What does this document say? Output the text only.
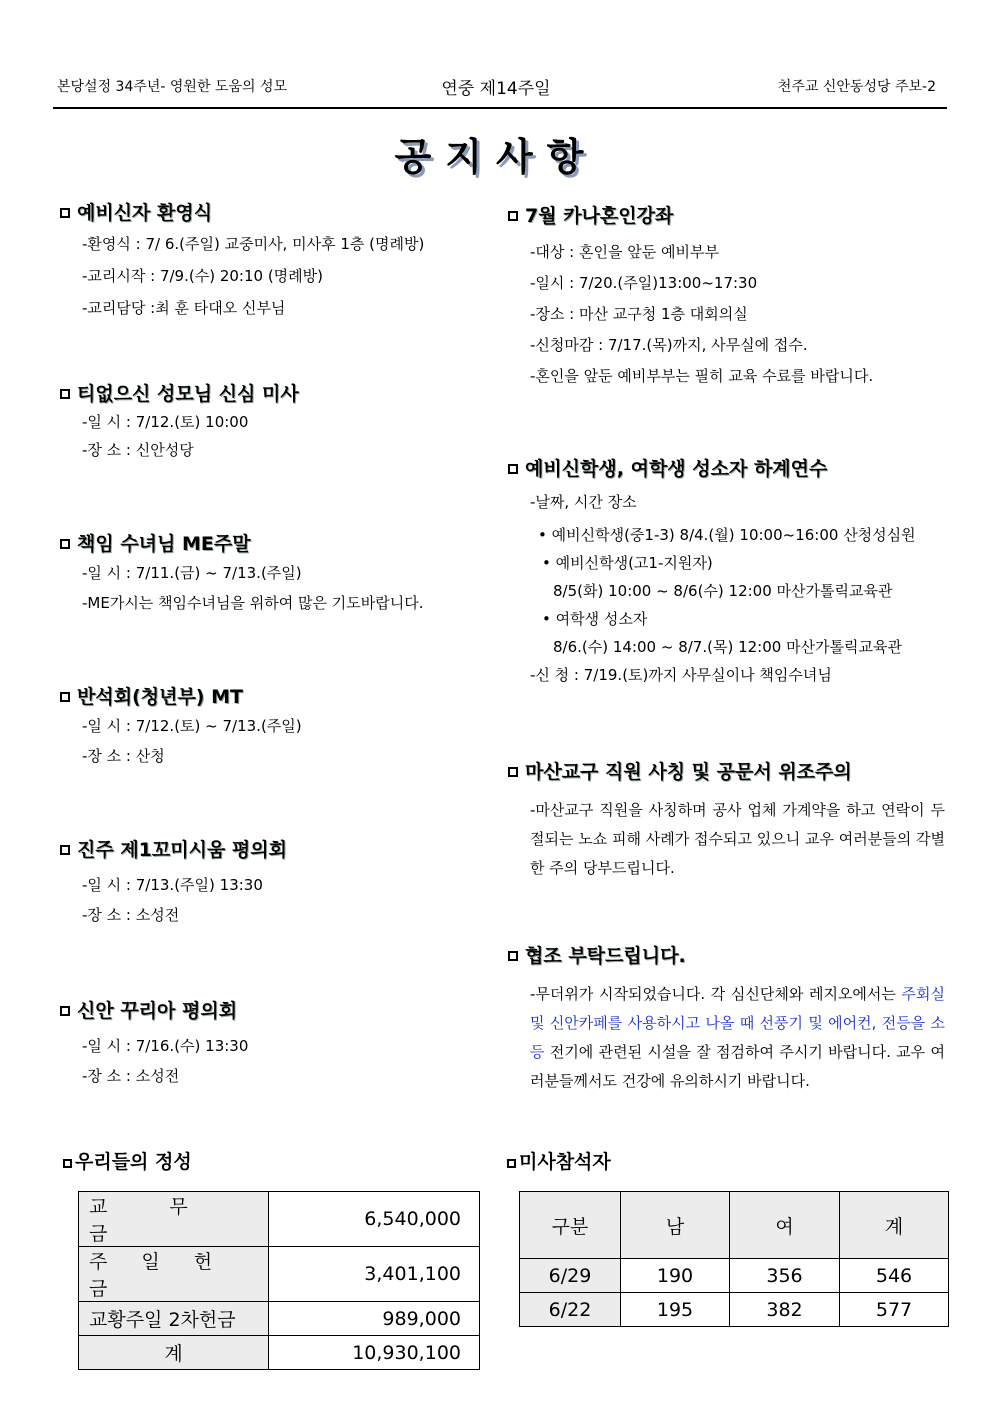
본당설정 34주년- 영원한 도움의 성모	연중 제14주일	천주교 신안동성당 주보-2
공지사항
예비신자 환영식
-환영식 : 7/ 6.(주일) 교중미사, 미사후 1층 (명례방)
-교리시작 : 7/9.(수) 20:10 (명례방)
-교리담당 :최 훈 타대오 신부님
티없으신 성모님 신심 미사
-일 시 : 7/12.(토) 10:00
-장 소 : 신안성당
책임 수녀님 ME주말
-일 시 : 7/11.(금) ~ 7/13.(주일)
-ME가시는 책임수녀님을 위하여 많은 기도바랍니다.
반석회(청년부) MT
-일 시 : 7/12.(토) ~ 7/13.(주일)
-장 소 : 산청
진주 제1꼬미시움 평의회
-일 시 : 7/13.(주일) 13:30
-장 소 : 소성전
신안 꾸리아 평의회
-일 시 : 7/16.(수) 13:30
-장 소 : 소성전
7월 카나혼인강좌
-대상 : 혼인을 앞둔 예비부부
-일시 : 7/20.(주일)13:00~17:30
-장소 : 마산 교구청 1층 대회의실
-신청마감 : 7/17.(목)까지, 사무실에 접수.
-혼인을 앞둔 예비부부는 필히 교육 수료를 바랍니다.
예비신학생, 여학생 성소자 하계연수
-날짜, 시간 장소
• 예비신학생(중1-3) 8/4.(월) 10:00~16:00 산청성심원
• 예비신학생(고1-지원자)
8/5(화) 10:00 ~ 8/6(수) 12:00 마산가톨릭교육관
• 여학생 성소자
8/6.(수) 14:00 ~ 8/7.(목) 12:00 마산가톨릭교육관
-신 청 : 7/19.(토)까지 사무실이나 책임수녀님
마산교구 직원 사칭 및 공문서 위조주의
-마산교구 직원을 사칭하며 공사 업체 가계약을 하고 연락이 두절되는 노쇼 피해 사례가 접수되고 있으니 교우 여러분들의 각별한 주의 당부드립니다.
협조 부탁드립니다.
-무더위가 시작되었습니다. 각 심신단체와 레지오에서는 주회실 및 신안카페를 사용하시고 나올 때 선풍기 및 에어컨, 전등을 소등 전기에 관련된 시설을 잘 점검하여 주시기 바랍니다. 교우 여러분들께서도 건강에 유의하시기 바랍니다.
우리들의 정성
교 무 금	6,540,000
주 일 헌 금	3,401,100
교황주일 2차헌금	989,000
계	10,930,100
미사참석자
구분	남	여	계
6/29	190	356	546
6/22	195	382	577
